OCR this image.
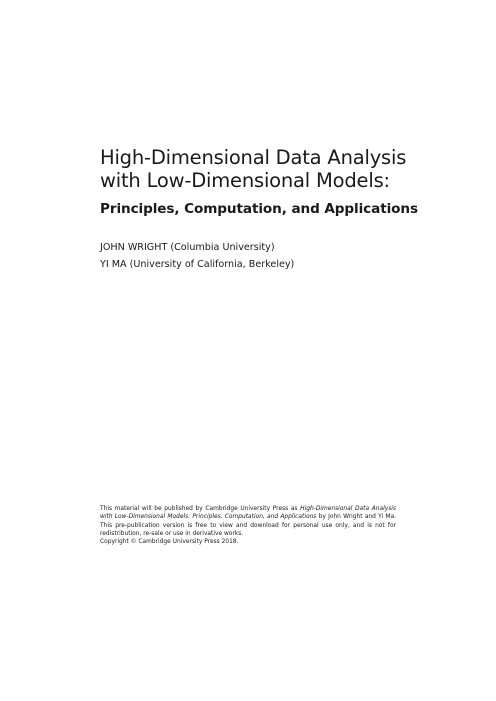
High-Dimensional Data Analysis
with Low-Dimensional Models:
Principles, Computation, and Applications
JOHN WRIGHT (Columbia University)
YI MA (University of California, Berkeley)

This material will be published by Cambridge University Press as High-Dimensional Data Analysis with Low-Dimensional Models: Principles, Computation, and Applications by John Wright and Yi Ma. This pre-publication version is free to view and download for personal use only, and is not for redistribution, re-sale or use in derivative works.

Copyright © Cambridge University Press 2018.
